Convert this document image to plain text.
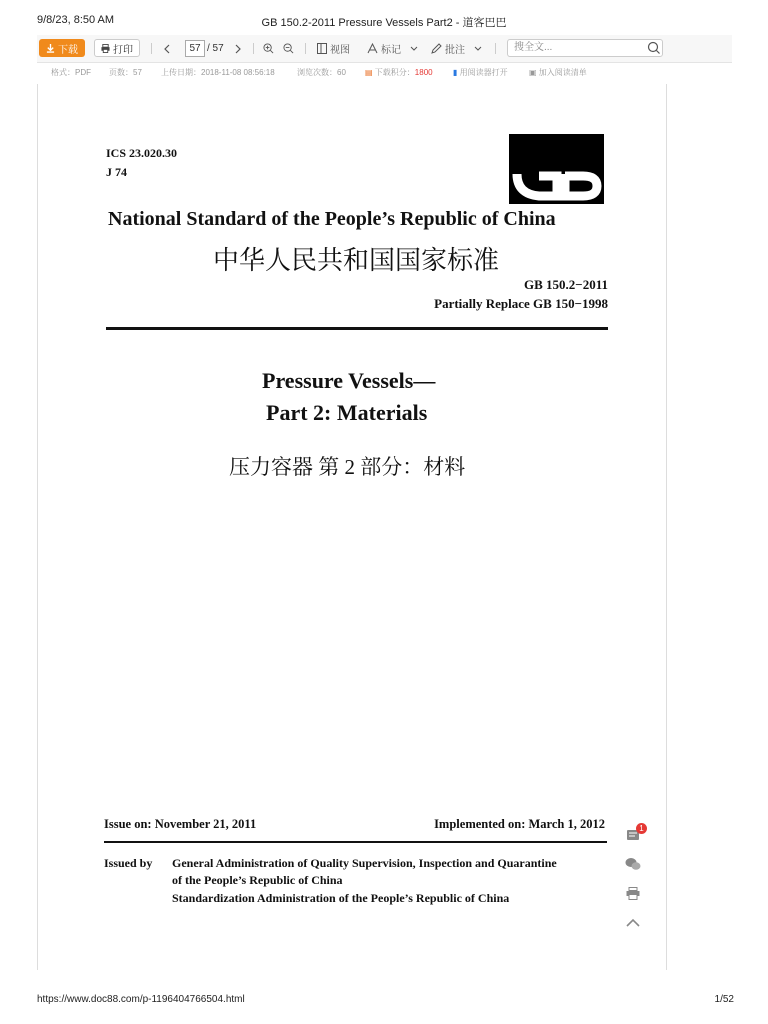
9/8/23, 8:50 AM	GB 150.2-2011 Pressure Vessels Part2 - 道客巴巴
下载	打印	57 / 57	视图	标记	批注	搜全文...
格式：PDF 页数：57 上传日期：2018-11-08 08:56:18	浏览次数：60 ▤ 下载积分：1800	▮ 用阅读器打开	▣ 加入阅读清单
ICS 23.020.30
J 74
National Standard of the People’s Republic of China
中华人民共和国国家标准
GB 150.2−2011
Partially Replace GB 150−1998
Pressure Vessels—
Part 2: Materials
压力容器 第 2 部分：材料
Issue on: November 21, 2011	Implemented on: March 1, 2012
Issued by General Administration of Quality Supervision, Inspection and Quarantine
of the People’s Republic of China
Standardization Administration of the People’s Republic of China
1
https://www.doc88.com/p-1196404766504.html	1/52
